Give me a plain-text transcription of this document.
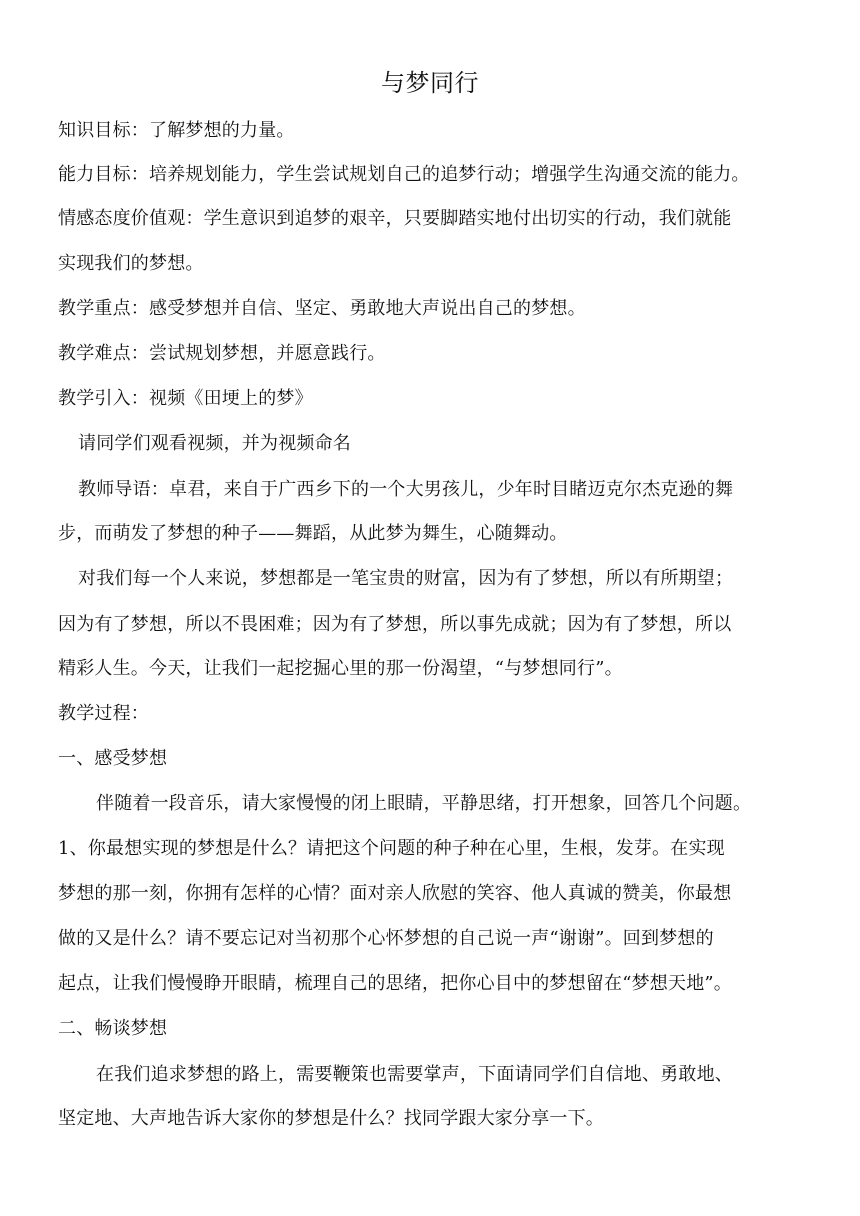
与梦同行
知识目标：了解梦想的力量。
能力目标：培养规划能力，学生尝试规划自己的追梦行动；增强学生沟通交流的能力。
情感态度价值观：学生意识到追梦的艰辛，只要脚踏实地付出切实的行动，我们就能
实现我们的梦想。
教学重点：感受梦想并自信、坚定、勇敢地大声说出自己的梦想。
教学难点：尝试规划梦想，并愿意践行。
教学引入：视频《田埂上的梦》
请同学们观看视频，并为视频命名
教师导语：卓君，来自于广西乡下的一个大男孩儿，少年时目睹迈克尔杰克逊的舞
步，而萌发了梦想的种子——舞蹈，从此梦为舞生，心随舞动。
对我们每一个人来说，梦想都是一笔宝贵的财富，因为有了梦想，所以有所期望；
因为有了梦想，所以不畏困难；因为有了梦想，所以事先成就；因为有了梦想，所以
精彩人生。今天，让我们一起挖掘心里的那一份渴望，“与梦想同行”。
教学过程：
一、感受梦想
伴随着一段音乐，请大家慢慢的闭上眼睛，平静思绪，打开想象，回答几个问题。
1、你最想实现的梦想是什么？请把这个问题的种子种在心里，生根，发芽。在实现
梦想的那一刻，你拥有怎样的心情？面对亲人欣慰的笑容、他人真诚的赞美，你最想
做的又是什么？请不要忘记对当初那个心怀梦想的自己说一声“谢谢”。回到梦想的
起点，让我们慢慢睁开眼睛，梳理自己的思绪，把你心目中的梦想留在“梦想天地”。
二、畅谈梦想
在我们追求梦想的路上，需要鞭策也需要掌声，下面请同学们自信地、勇敢地、
坚定地、大声地告诉大家你的梦想是什么？找同学跟大家分享一下。
